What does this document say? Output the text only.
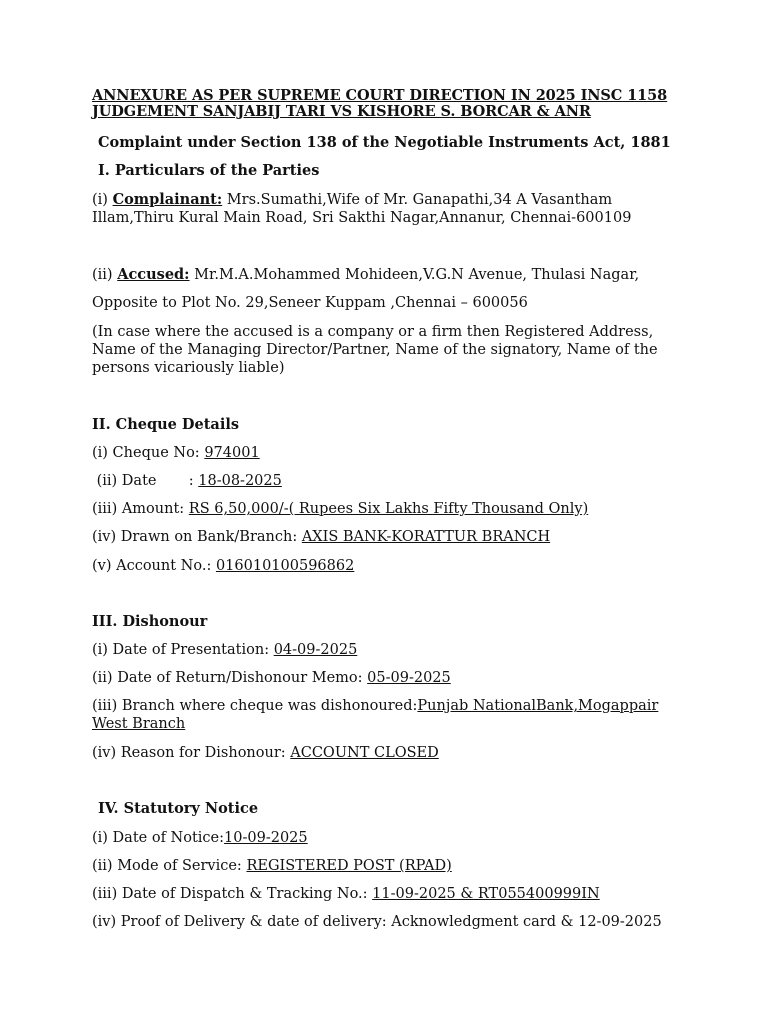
ANNEXURE AS PER SUPREME COURT DIRECTION IN 2025 INSC 1158
JUDGEMENT SANJABIJ TARI VS KISHORE S. BORCAR & ANR
Complaint under Section 138 of the Negotiable Instruments Act, 1881
I. Particulars of the Parties
(i) Complainant: Mrs.Sumathi,Wife of Mr. Ganapathi,34 A Vasantham Illam,Thiru Kural Main Road, Sri Sakthi Nagar,Annanur, Chennai-600109
(ii) Accused: Mr.M.A.Mohammed Mohideen,V.G.N Avenue, Thulasi Nagar,
Opposite to Plot No. 29,Seneer Kuppam ,Chennai – 600056
(In case where the accused is a company or a firm then Registered Address, Name of the Managing Director/Partner, Name of the signatory, Name of the persons vicariously liable)
II. Cheque Details
(i) Cheque No: 974001
(ii) Date       : 18-08-2025
(iii) Amount: RS 6,50,000/-( Rupees Six Lakhs Fifty Thousand Only)
(iv) Drawn on Bank/Branch: AXIS BANK-KORATTUR BRANCH
(v) Account No.: 016010100596862
III. Dishonour
(i) Date of Presentation: 04-09-2025
(ii) Date of Return/Dishonour Memo: 05-09-2025
(iii) Branch where cheque was dishonoured:Punjab NationalBank,Mogappair West Branch
(iv) Reason for Dishonour: ACCOUNT CLOSED
IV. Statutory Notice
(i) Date of Notice:10-09-2025
(ii) Mode of Service: REGISTERED POST (RPAD)
(iii) Date of Dispatch & Tracking No.: 11-09-2025 & RT055400999IN
(iv) Proof of Delivery & date of delivery: Acknowledgment card & 12-09-2025
